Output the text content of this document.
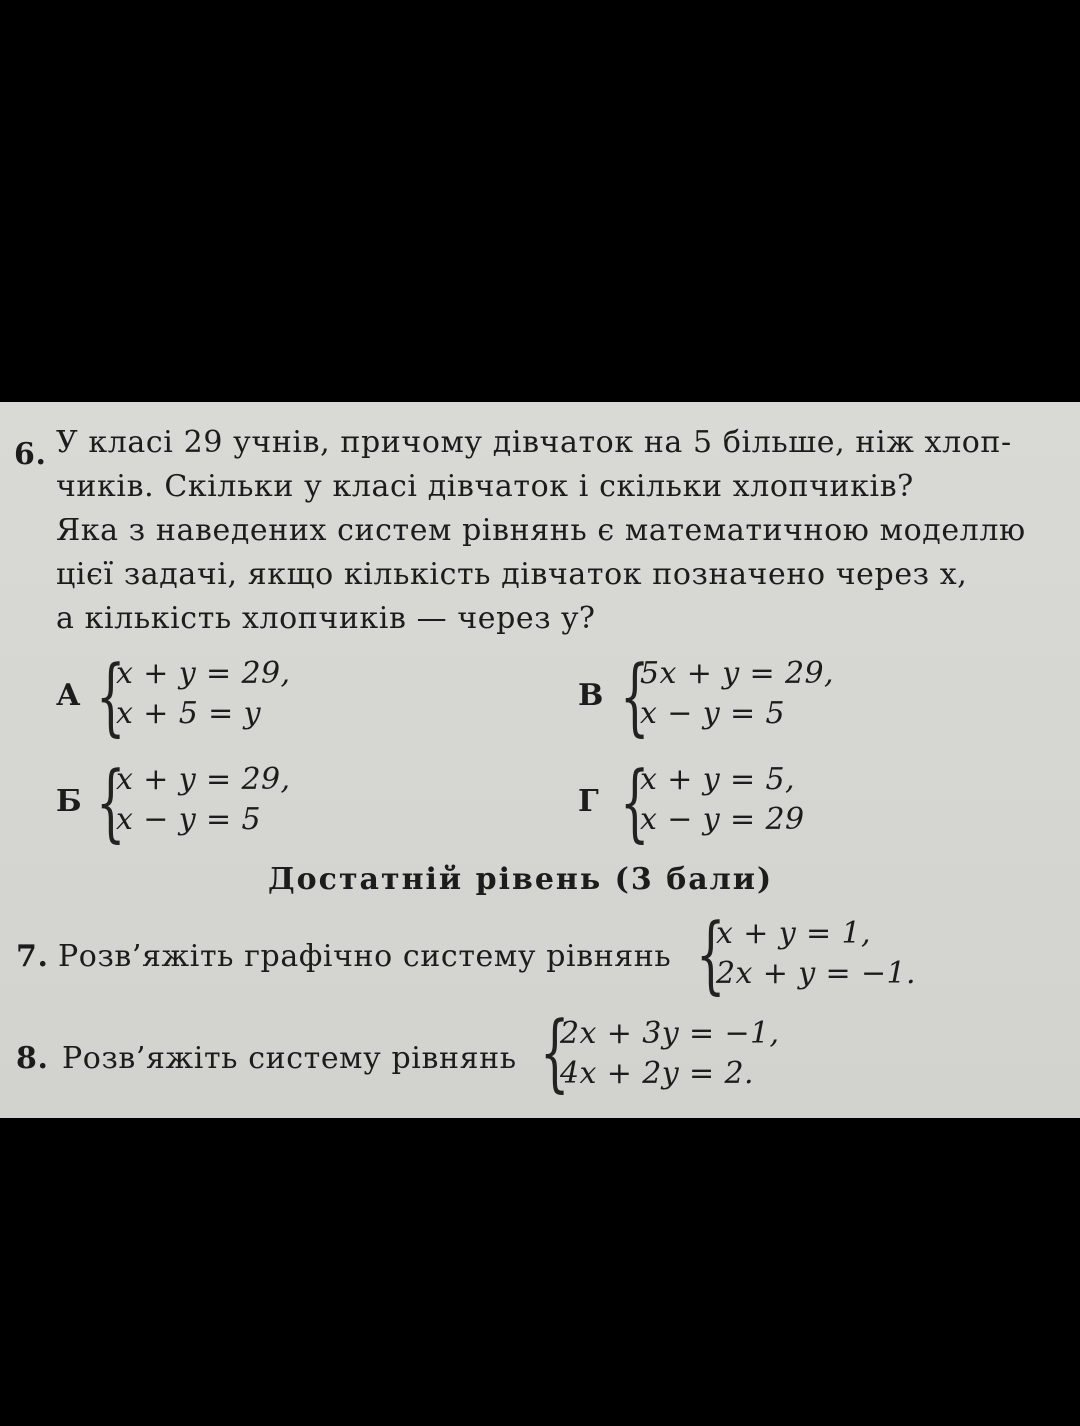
6. У класі 29 учнів, причому дівчаток на 5 більше, ніж хлоп-
чиків. Скільки у класі дівчаток і скільки хлопчиків?
Яка з наведених систем рівнянь є математичною моделлю
цієї задачі, якщо кількість дівчаток позначено через x,
а кількість хлопчиків — через y?
А {
x + y = 29,
x + 5 = y
В {
5x + y = 29,
x − y = 5
Б {
x + y = 29,
x − y = 5
Г {
x + y = 5,
x − y = 29
Достатній рівень (3 бали)
7. Розв’яжіть графічно систему рівнянь {
x + y = 1,
2x + y = −1.
8. Розв’яжіть систему рівнянь {
2x + 3y = −1,
4x + 2y = 2.
